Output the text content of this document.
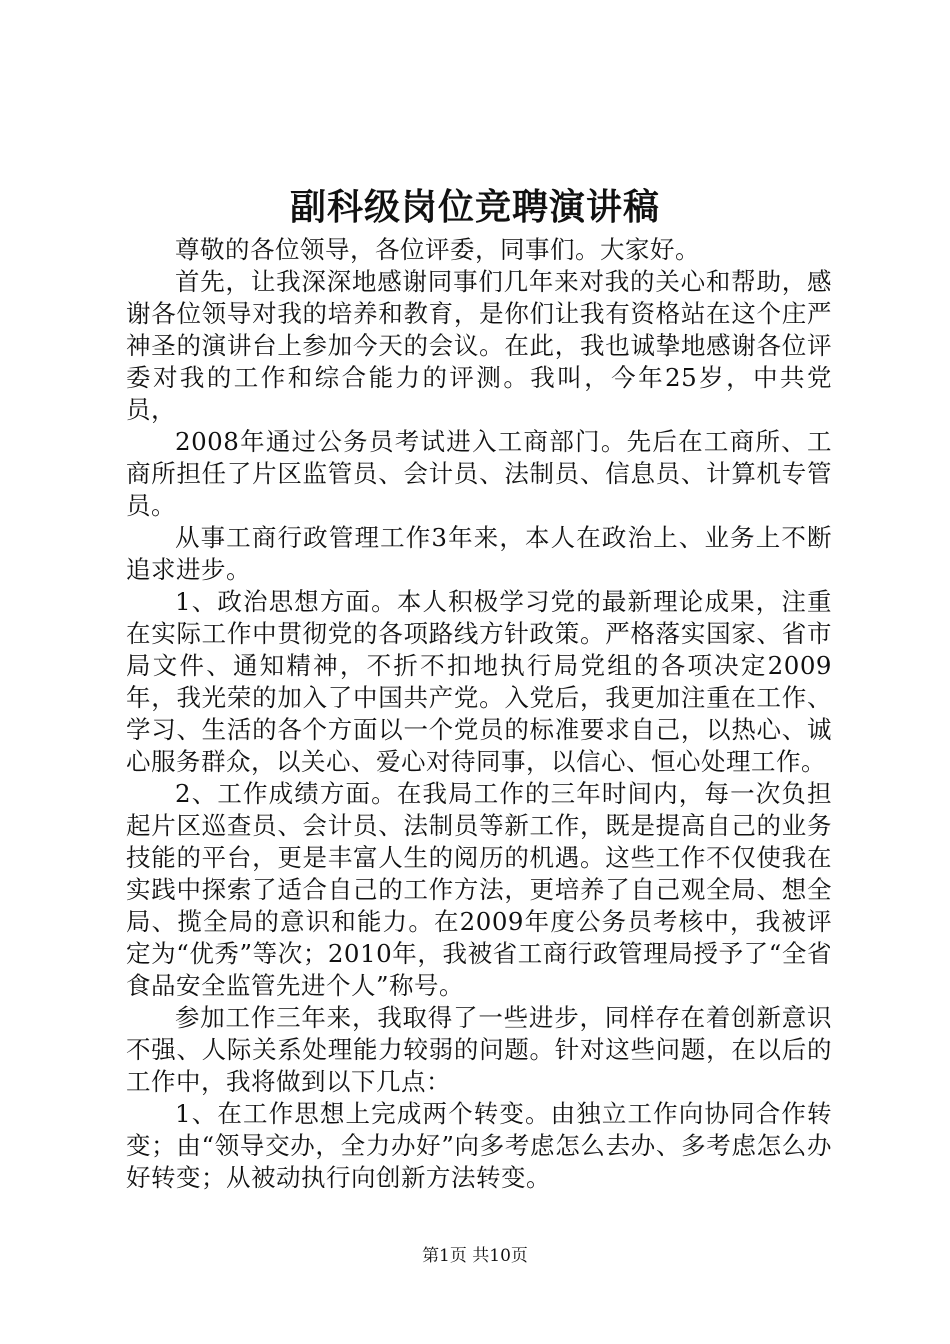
副科级岗位竞聘演讲稿

尊敬的各位领导，各位评委，同事们。大家好。

首先，让我深深地感谢同事们几年来对我的关心和帮助，感谢各位领导对我的培养和教育，是你们让我有资格站在这个庄严神圣的演讲台上参加今天的会议。在此，我也诚挚地感谢各位评委对我的工作和综合能力的评测。我叫，今年25岁，中共党员，

2008年通过公务员考试进入工商部门。先后在工商所、工商所担任了片区监管员、会计员、法制员、信息员、计算机专管员。

从事工商行政管理工作3年来，本人在政治上、业务上不断追求进步。

1、政治思想方面。本人积极学习党的最新理论成果，注重在实际工作中贯彻党的各项路线方针政策。严格落实国家、省市局文件、通知精神，不折不扣地执行局党组的各项决定2009年，我光荣的加入了中国共产党。入党后，我更加注重在工作、学习、生活的各个方面以一个党员的标准要求自己，以热心、诚心服务群众，以关心、爱心对待同事，以信心、恒心处理工作。

2、工作成绩方面。在我局工作的三年时间内，每一次负担起片区巡查员、会计员、法制员等新工作，既是提高自己的业务技能的平台，更是丰富人生的阅历的机遇。这些工作不仅使我在实践中探索了适合自己的工作方法，更培养了自己观全局、想全局、揽全局的意识和能力。在2009年度公务员考核中，我被评定为“优秀”等次；2010年，我被省工商行政管理局授予了“全省食品安全监管先进个人”称号。

参加工作三年来，我取得了一些进步，同样存在着创新意识不强、人际关系处理能力较弱的问题。针对这些问题，在以后的工作中，我将做到以下几点：

1、在工作思想上完成两个转变。由独立工作向协同合作转变；由“领导交办，全力办好”向多考虑怎么去办、多考虑怎么办好转变；从被动执行向创新方法转变。

第1页 共10页
